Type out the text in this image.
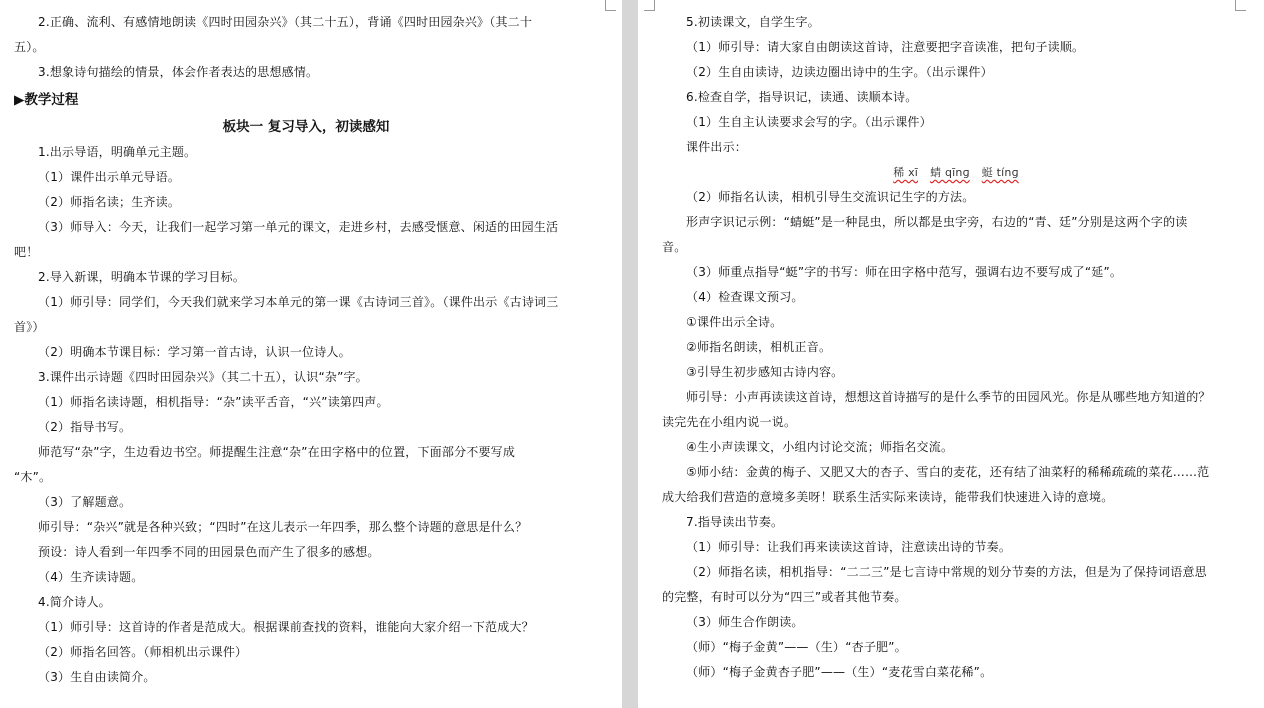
2.正确、流利、有感情地朗读《四时田园杂兴》（其二十五），背诵《四时田园杂兴》（其二十

五）。

3.想象诗句描绘的情景，体会作者表达的思想感情。

▶教学过程

板块一 复习导入，初读感知

1.出示导语，明确单元主题。

（1）课件出示单元导语。

（2）师指名读；生齐读。

（3）师导入：今天，让我们一起学习第一单元的课文，走进乡村，去感受惬意、闲适的田园生活

吧！

2.导入新课，明确本节课的学习目标。

（1）师引导：同学们，今天我们就来学习本单元的第一课《古诗词三首》。（课件出示《古诗词三

首》）

（2）明确本节课目标：学习第一首古诗，认识一位诗人。

3.课件出示诗题《四时田园杂兴》（其二十五），认识“杂”字。

（1）师指名读诗题，相机指导：“杂”读平舌音，“兴”读第四声。

（2）指导书写。

师范写“杂”字，生边看边书空。师提醒生注意“杂”在田字格中的位置，下面部分不要写成

“木”。

（3）了解题意。

师引导：“杂兴”就是各种兴致；“四时”在这儿表示一年四季，那么整个诗题的意思是什么？

预设：诗人看到一年四季不同的田园景色而产生了很多的感想。

（4）生齐读诗题。

4.简介诗人。

（1）师引导：这首诗的作者是范成大。根据课前查找的资料，谁能向大家介绍一下范成大？

（2）师指名回答。（师相机出示课件）

（3）生自由读简介。

5.初读课文，自学生字。

（1）师引导：请大家自由朗读这首诗，注意要把字音读准，把句子读顺。

（2）生自由读诗，边读边圈出诗中的生字。（出示课件）

6.检查自学，指导识记，读通、读顺本诗。

（1）生自主认读要求会写的字。（出示课件）

课件出示：

稀 xī 蜻 qīnɡ 蜓 tínɡ

（2）师指名认读，相机引导生交流识记生字的方法。

形声字识记示例：“蜻蜓”是一种昆虫，所以都是虫字旁，右边的“青、廷”分别是这两个字的读

音。

（3）师重点指导“蜓”字的书写：师在田字格中范写，强调右边不要写成了“延”。

（4）检查课文预习。

①课件出示全诗。

②师指名朗读，相机正音。

③引导生初步感知古诗内容。

师引导：小声再读读这首诗，想想这首诗描写的是什么季节的田园风光。你是从哪些地方知道的？

读完先在小组内说一说。

④生小声读课文，小组内讨论交流；师指名交流。

⑤师小结：金黄的梅子、又肥又大的杏子、雪白的麦花，还有结了油菜籽的稀稀疏疏的菜花……范

成大给我们营造的意境多美呀！联系生活实际来读诗，能带我们快速进入诗的意境。

7.指导读出节奏。

（1）师引导：让我们再来读读这首诗，注意读出诗的节奏。

（2）师指名读，相机指导：“二二三”是七言诗中常规的划分节奏的方法，但是为了保持词语意思

的完整，有时可以分为“四三”或者其他节奏。

（3）师生合作朗读。

（师）“梅子金黄”——（生）“杏子肥”。

（师）“梅子金黄杏子肥”——（生）“麦花雪白菜花稀”。
